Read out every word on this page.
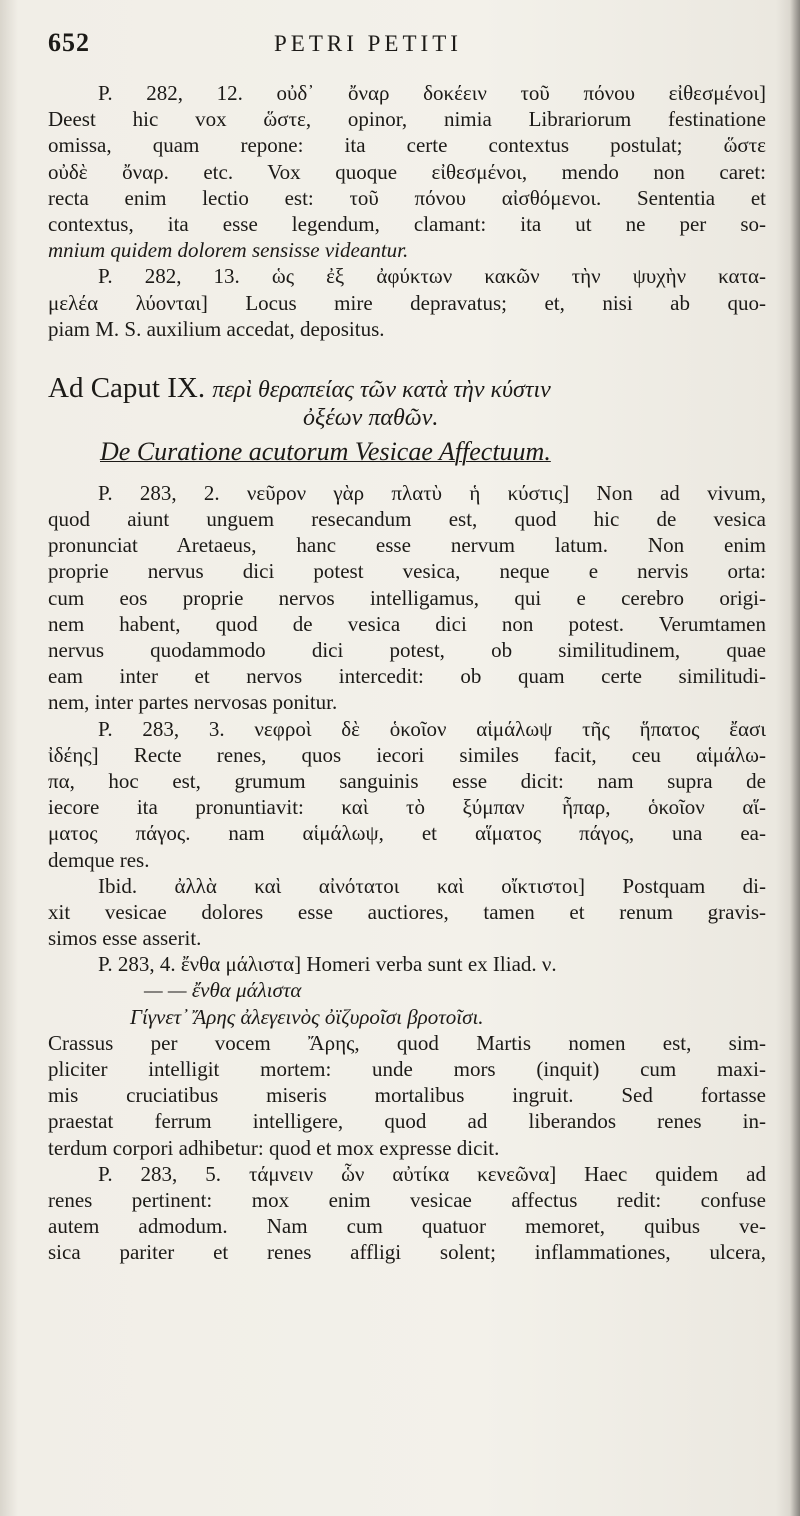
652	PETRI PETITI
P. 282, 12. οὐδ᾽ ὄναρ δοκέειν τοῦ πόνου εἰθεσμένοι]
Deest hic vox ὥστε, opinor, nimia Librariorum festinatione
omissa, quam repone: ita certe contextus postulat; ὥστε
οὐδὲ ὄναρ. etc. Vox quoque εἰθεσμένοι, mendo non caret:
recta enim lectio est: τοῦ πόνου αἰσθόμενοι. Sententia et
contextus, ita esse legendum, clamant: ita ut ne per so-
mnium quidem dolorem sensisse videantur.
P. 282, 13. ὡς ἐξ ἀφύκτων κακῶν τὴν ψυχὴν κατα-
μελέα λύονται] Locus mire depravatus; et, nisi ab quo-
piam M. S. auxilium accedat, depositus.
Ad Caput IX. περὶ θεραπείας τῶν κατὰ τὴν κύστιν
ὀξέων παθῶν.
De Curatione acutorum Vesicae Affectuum.
P. 283, 2. νεῦρον γὰρ πλατὺ ἡ κύστις] Non ad vivum,
quod aiunt unguem resecandum est, quod hic de vesica
pronunciat Aretaeus, hanc esse nervum latum. Non enim
proprie nervus dici potest vesica, neque e nervis orta:
cum eos proprie nervos intelligamus, qui e cerebro origi-
nem habent, quod de vesica dici non potest. Verumtamen
nervus quodammodo dici potest, ob similitudinem, quae
eam inter et nervos intercedit: ob quam certe similitudi-
nem, inter partes nervosas ponitur.
P. 283, 3. νεφροὶ δὲ ὁκοῖον αἱμάλωψ τῆς ἥπατος ἔασι
ἰδέης] Recte renes, quos iecori similes facit, ceu αἱμάλω-
πα, hoc est, grumum sanguinis esse dicit: nam supra de
iecore ita pronuntiavit: καὶ τὸ ξύμπαν ἧπαρ, ὁκοῖον αἵ-
ματος πάγος. nam αἱμάλωψ, et αἵματος πάγος, una ea-
demque res.
Ibid. ἀλλὰ καὶ αἰνότατοι καὶ οἴκτιστοι] Postquam di-
xit vesicae dolores esse auctiores, tamen et renum gravis-
simos esse asserit.
P. 283, 4. ἔνθα μάλιστα] Homeri verba sunt ex Iliad. ν.
— — ἔνθα μάλιστα
Γίγνετ᾽ Ἄρης ἀλεγεινὸς ὀϊζυροῖσι βροτοῖσι.
Crassus per vocem Ἄρης, quod Martis nomen est, sim-
pliciter intelligit mortem: unde mors (inquit) cum maxi-
mis cruciatibus miseris mortalibus ingruit. Sed fortasse
praestat ferrum intelligere, quod ad liberandos renes in-
terdum corpori adhibetur: quod et mox expresse dicit.
P. 283, 5. τάμνειν ὧν αὐτίκα κενεῶνα] Haec quidem ad
renes pertinent: mox enim vesicae affectus redit: confuse
autem admodum. Nam cum quatuor memoret, quibus ve-
sica pariter et renes affligi solent; inflammationes, ulcera,
